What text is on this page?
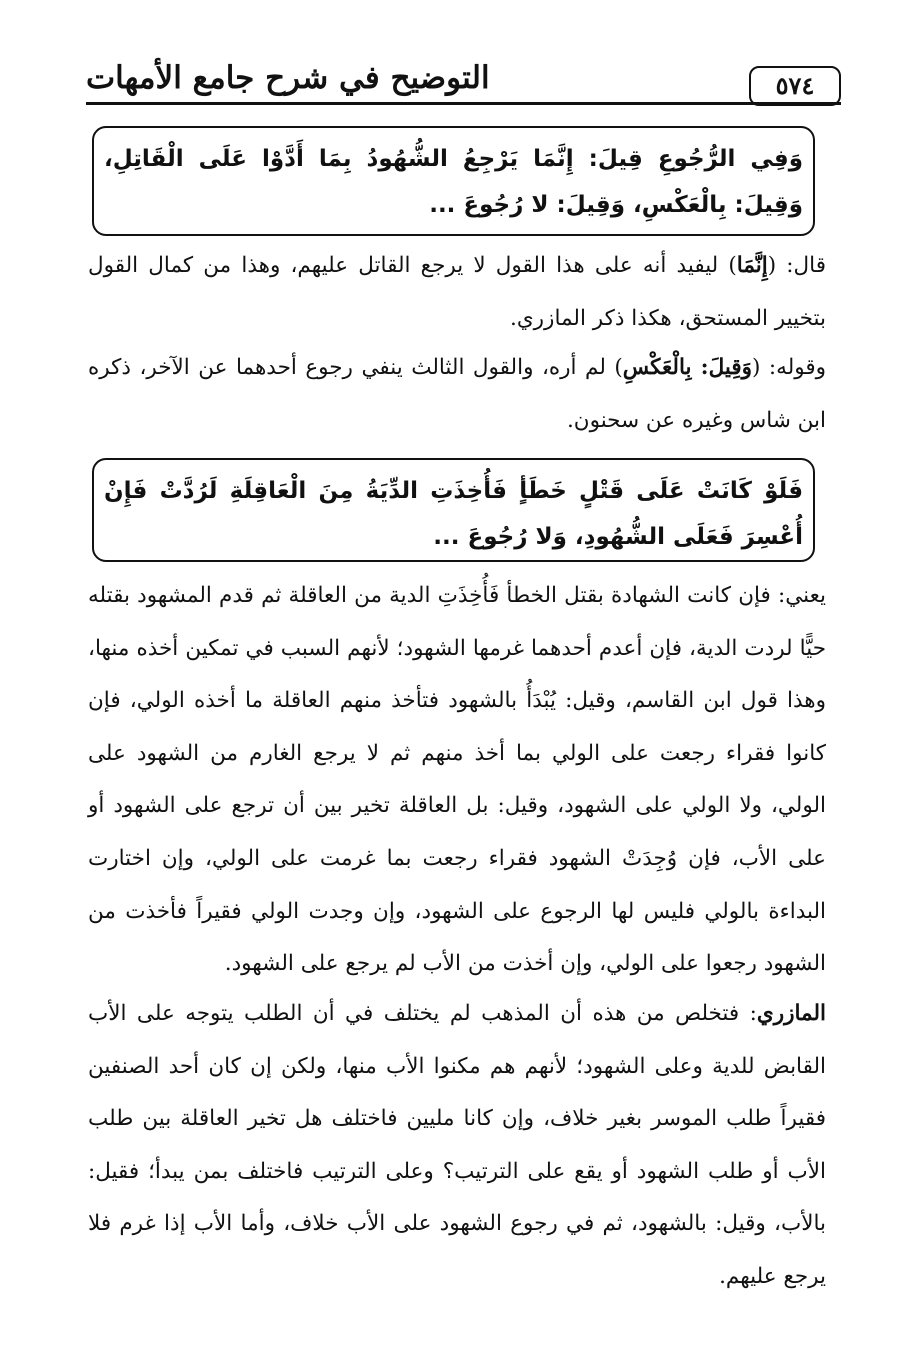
٥٧٤
التوضيح في شرح جامع الأمهات
وَفِي الرُّجُوعِ قِيلَ: إِنَّمَا يَرْجِعُ الشُّهُودُ بِمَا أَدَّوْا عَلَى الْقَاتِلِ، وَقِيلَ: بِالْعَكْسِ، وَقِيلَ: لا رُجُوعَ ...
قال: (إِنَّمَا) ليفيد أنه على هذا القول لا يرجع القاتل عليهم، وهذا من كمال القول بتخيير المستحق، هكذا ذكر المازري.
وقوله: (وَقِيلَ: بِالْعَكْسِ) لم أره، والقول الثالث ينفي رجوع أحدهما عن الآخر، ذكره ابن شاس وغيره عن سحنون.
فَلَوْ كَانَتْ عَلَى قَتْلٍ خَطَأٍ فَأُخِذَتِ الدِّيَةُ مِنَ الْعَاقِلَةِ لَرُدَّتْ فَإِنْ أُعْسِرَ فَعَلَى الشُّهُودِ، وَلا رُجُوعَ ...
يعني: فإن كانت الشهادة بقتل الخطأ فَأُخِذَتِ الدية من العاقلة ثم قدم المشهود بقتله حيًّا لردت الدية، فإن أعدم أحدهما غرمها الشهود؛ لأنهم السبب في تمكين أخذه منها، وهذا قول ابن القاسم، وقيل: يُبْدَأُ بالشهود فتأخذ منهم العاقلة ما أخذه الولي، فإن كانوا فقراء رجعت على الولي بما أخذ منهم ثم لا يرجع الغارم من الشهود على الولي، ولا الولي على الشهود، وقيل: بل العاقلة تخير بين أن ترجع على الشهود أو على الأب، فإن وُجِدَتْ الشهود فقراء رجعت بما غرمت على الولي، وإن اختارت البداءة بالولي فليس لها الرجوع على الشهود، وإن وجدت الولي فقيراً فأخذت من الشهود رجعوا على الولي، وإن أخذت من الأب لم يرجع على الشهود.
المازري: فتخلص من هذه أن المذهب لم يختلف في أن الطلب يتوجه على الأب القابض للدية وعلى الشهود؛ لأنهم هم مكنوا الأب منها، ولكن إن كان أحد الصنفين فقيراً طلب الموسر بغير خلاف، وإن كانا مليين فاختلف هل تخير العاقلة بين طلب الأب أو طلب الشهود أو يقع على الترتيب؟ وعلى الترتيب فاختلف بمن يبدأ؛ فقيل: بالأب، وقيل: بالشهود، ثم في رجوع الشهود على الأب خلاف، وأما الأب إذا غرم فلا يرجع عليهم.
